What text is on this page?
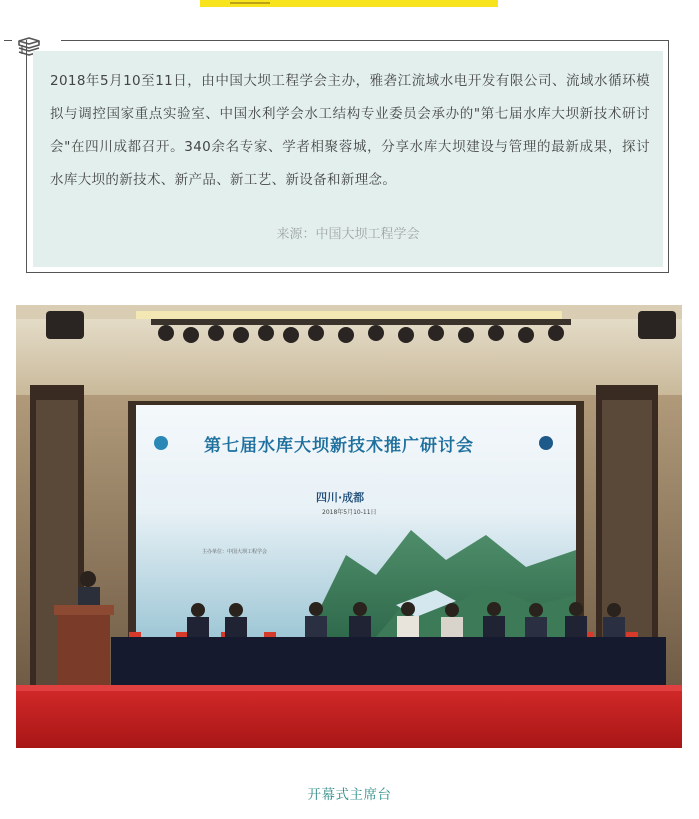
2018年5月10至11日，由中国大坝工程学会主办，雅砻江流域水电开发有限公司、流域水循环模拟与调控国家重点实验室、中国水利学会水工结构专业委员会承办的"第七届水库大坝新技术研讨会"在四川成都召开。340余名专家、学者相聚蓉城，分享水库大坝建设与管理的最新成果，探讨水库大坝的新技术、新产品、新工艺、新设备和新理念。
来源：中国大坝工程学会
第七届水库大坝新技术推广研讨会
四川·成都
2018年5月10-11日
主办单位：中国大坝工程学会
开幕式主席台
